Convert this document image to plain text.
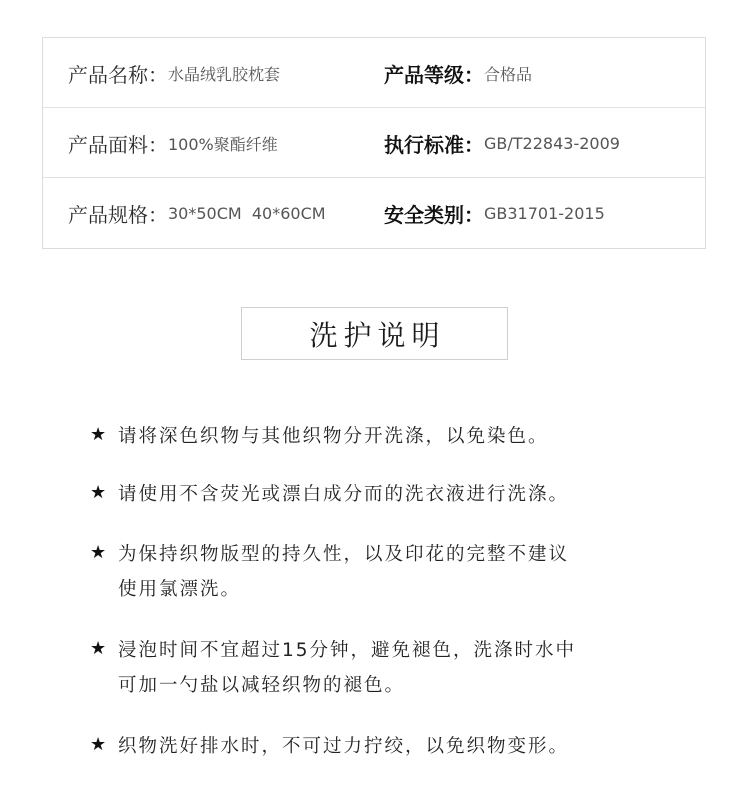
产品名称： 水晶绒乳胶枕套	产品等级： 合格品
产品面料： 100%聚酯纤维	执行标准： GB/T22843-2009
产品规格： 30*50CM  40*60CM	安全类别： GB31701-2015
洗护说明
★ 请将深色织物与其他织物分开洗涤，以免染色。
★ 请使用不含荧光或漂白成分而的洗衣液进行洗涤。
★ 为保持织物版型的持久性，以及印花的完整不建议
使用氯漂洗。
★ 浸泡时间不宜超过15分钟，避免褪色，洗涤时水中
可加一勺盐以减轻织物的褪色。
★ 织物洗好排水时，不可过力拧绞，以免织物变形。
